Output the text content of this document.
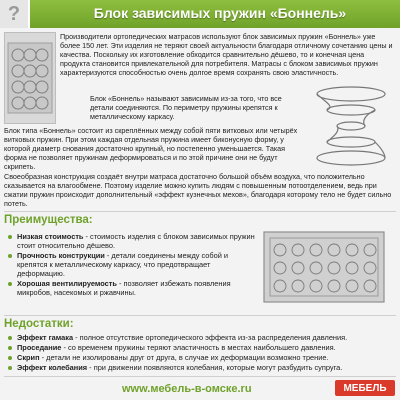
?	Блок зависимых пружин «Боннель»
Производители ортопедических матрасов используют блок зависимых пружин «Боннель» уже более 150 лет. Эти изделия не теряют своей актуальности благодаря отличному сочетанию цены и качества. Поскольку их изготовление обходится сравнительно дёшево, то и конечная цена продукта становится привлекательной для потребителя. Матрасы с блоком зависимых пружин характеризуются способностью очень долгое время сохранять свою эластичность.
Блок «Боннель» называют зависимым из-за того, что все детали соединяются. По периметру пружины крепятся к металлическому каркасу.
Блок типа «Боннель» состоит из скреплённых между собой пяти витковых или четырёх витковых пружин. При этом каждая отдельная пружина имеет биконусную форму, у которой диаметр снования достаточно крупный, но постепенно уменьшается. Такая форма не позволяет пружинам деформироваться и по этой причине они не будут скрипеть.
Своеобразная конструкция создаёт внутри матраса достаточно большой объём воздуха, что положительно сказывается на влагообмене. Поэтому изделие можно купить людям с повышенным потоотделением, ведь при сжатии пружин происходит дополнительный «эффект кузнечных мехов», благодаря которому тело не будет сильно потеть.
Преимущества:
Низкая стоимость - стоимость изделия с блоком зависимых пружин стоит относительно дёшево.
Прочность конструкции - детали соединены между собой и крепятся к металлическому каркасу, что предотвращает деформацию.
Хорошая вентилируемость - позволяет избежать появления микробов, насекомых и ржавчины.
Недостатки:
Эффект гамака - полное отсутствие ортопедического эффекта из-за распределения давления.
Проседание - со временем пружины теряют эластичность в местах наибольшего давления.
Скрип - детали не изолированы друг от друга, в случае их деформации возможно трение.
Эффект колебания - при движении появляются колебания, которые могут разбудить супруга.
www.мебель-в-омске.ru	МЕБЕЛЬ
